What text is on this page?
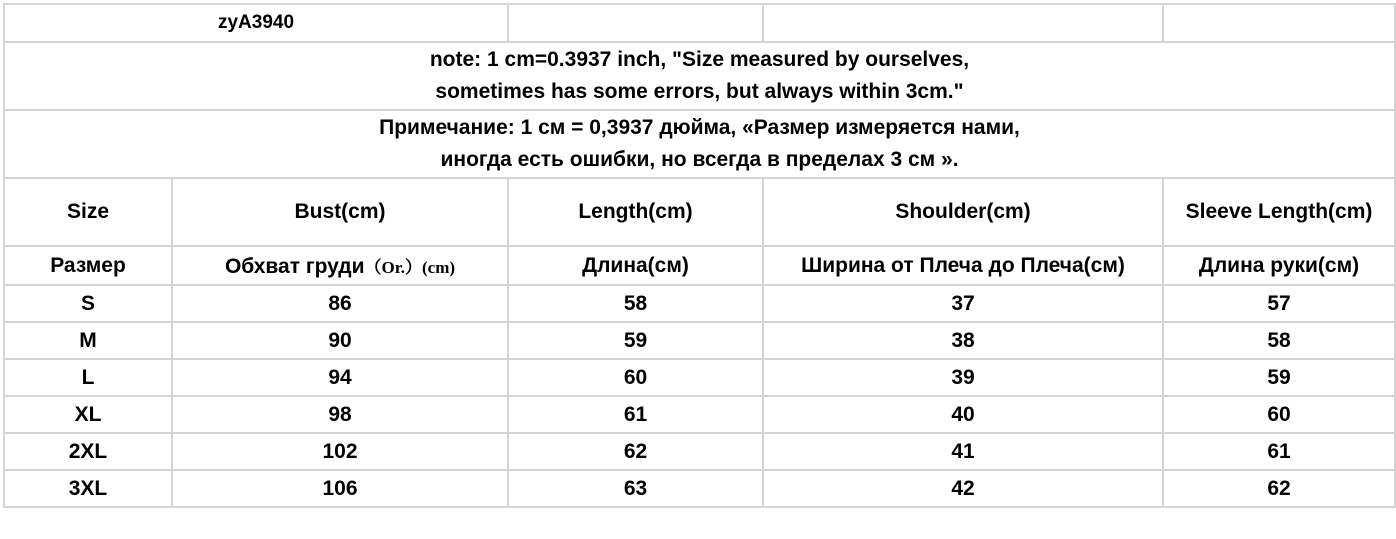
zyA3940				

note: 1 cm=0.3937 inch, "Size measured by ourselves,
sometimes has some errors, but always within 3cm."				

Примечание: 1 см = 0,3937 дюйма, «Размер измеряется нами,
иногда есть ошибки, но всегда в пределах 3 см ».				

Size	Bust(cm)	Length(cm)	Shoulder(cm)	Sleeve Length(cm)
Размер	Обхват груди（Or.）(cm)	Длина(см)	Ширина от Плеча до Плеча(см)	Длина руки(см)
S	86	58	37	57
M	90	59	38	58
L	94	60	39	59
XL	98	61	40	60
2XL	102	62	41	61
3XL	106	63	42	62
